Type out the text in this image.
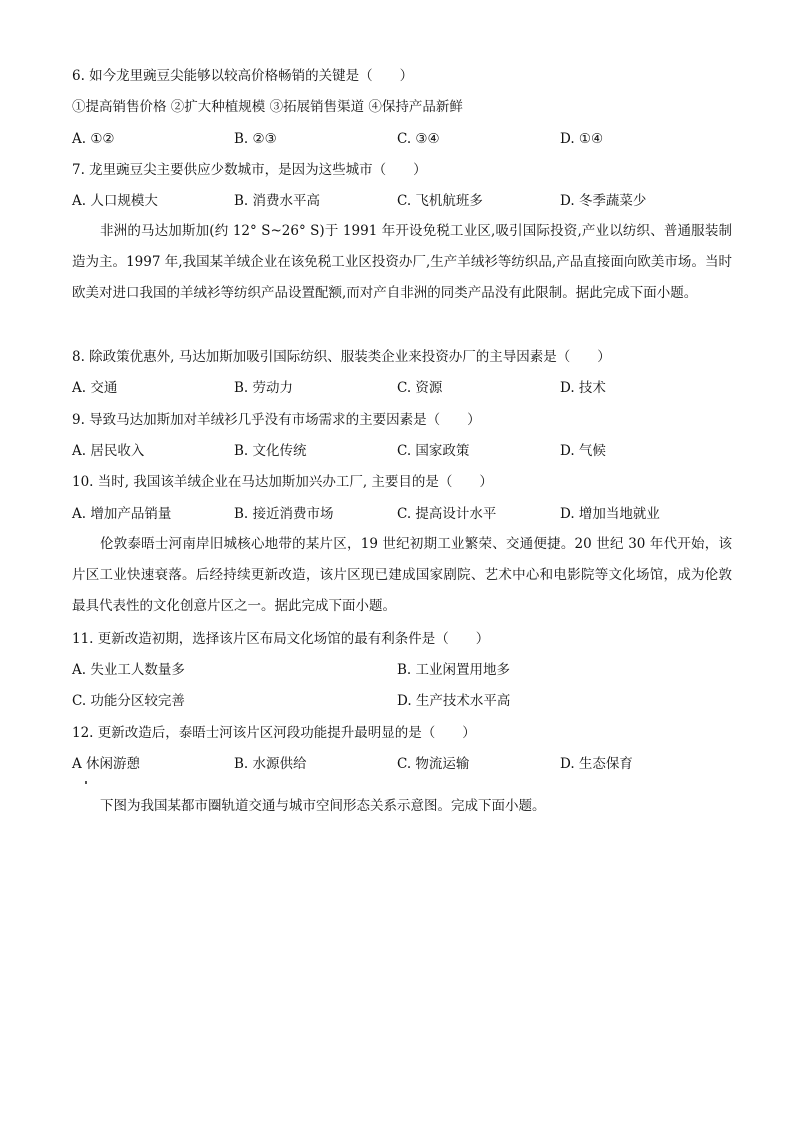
6. 如今龙里豌豆尖能够以较高价格畅销的关键是（　　）
①提高销售价格 ②扩大种植规模 ③拓展销售渠道 ④保持产品新鲜
A. ①②	B. ②③	C. ③④	D. ①④
7. 龙里豌豆尖主要供应少数城市，是因为这些城市（　　）
A. 人口规模大	B. 消费水平高	C. 飞机航班多	D. 冬季蔬菜少
非洲的马达加斯加(约 12° S~26° S)于 1991 年开设免税工业区,吸引国际投资,产业以纺织、普通服装制造为主。1997 年,我国某羊绒企业在该免税工业区投资办厂,生产羊绒衫等纺织品,产品直接面向欧美市场。当时欧美对进口我国的羊绒衫等纺织产品设置配额,而对产自非洲的同类产品没有此限制。据此完成下面小题。
8. 除政策优惠外, 马达加斯加吸引国际纺织、服装类企业来投资办厂的主导因素是（　　）
A. 交通	B. 劳动力	C. 资源	D. 技术
9. 导致马达加斯加对羊绒衫几乎没有市场需求的主要因素是（　　）
A. 居民收入	B. 文化传统	C. 国家政策	D. 气候
10. 当时, 我国该羊绒企业在马达加斯加兴办工厂, 主要目的是（　　）
A. 增加产品销量	B. 接近消费市场	C. 提高设计水平	D. 增加当地就业
伦敦泰晤士河南岸旧城核心地带的某片区，19 世纪初期工业繁荣、交通便捷。20 世纪 30 年代开始，该片区工业快速衰落。后经持续更新改造，该片区现已建成国家剧院、艺术中心和电影院等文化场馆，成为伦敦最具代表性的文化创意片区之一。据此完成下面小题。
11. 更新改造初期，选择该片区布局文化场馆的最有利条件是（　　）
A. 失业工人数量多	B. 工业闲置用地多
C. 功能分区较完善	D. 生产技术水平高
12. 更新改造后，泰晤士河该片区河段功能提升最明显的是（　　）
A 休闲游憩	B. 水源供给	C. 物流运输	D. 生态保育
下图为我国某都市圈轨道交通与城市空间形态关系示意图。完成下面小题。
